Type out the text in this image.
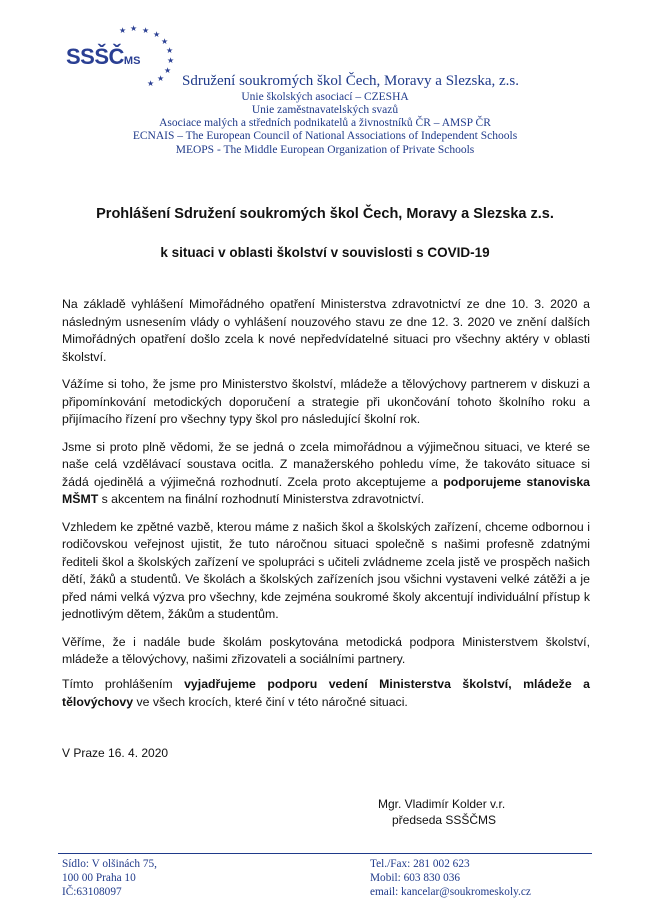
★ ★ ★
★
★
★
★
★
★
★
SSŠČMS
Sdružení soukromých škol Čech, Moravy a Slezska, z.s.
Unie školských asociací – CZESHA
Unie zaměstnavatelských svazů
Asociace malých a středních podnikatelů a živnostníků ČR – AMSP ČR
ECNAIS – The European Council of National Associations of Independent Schools
MEOPS - The Middle European Organization of Private Schools
Prohlášení Sdružení soukromých škol Čech, Moravy a Slezska z.s.
k situaci v oblasti školství v souvislosti s COVID-19

Na základě vyhlášení Mimořádného opatření Ministerstva zdravotnictví ze dne 10. 3. 2020 a následným usnesením vlády o vyhlášení nouzového stavu ze dne 12. 3. 2020 ve znění dalších Mimořádných opatření došlo zcela k nové nepředvídatelné situaci pro všechny aktéry v oblasti školství.

Vážíme si toho, že jsme pro Ministerstvo školství, mládeže a tělovýchovy partnerem v diskuzi a připomínkování metodických doporučení a strategie při ukončování tohoto školního roku a přijímacího řízení pro všechny typy škol pro následující školní rok.

Jsme si proto plně vědomi, že se jedná o zcela mimořádnou a výjimečnou situaci, ve které se naše celá vzdělávací soustava ocitla. Z manažerského pohledu víme, že takováto situace si žádá ojedinělá a výjimečná rozhodnutí. Zcela proto akceptujeme a podporujeme stanoviska MŠMT s akcentem na finální rozhodnutí Ministerstva zdravotnictví.

Vzhledem ke zpětné vazbě, kterou máme z našich škol a školských zařízení, chceme odbornou i rodičovskou veřejnost ujistit, že tuto náročnou situaci společně s našimi profesně zdatnými řediteli škol a školských zařízení ve spolupráci s učiteli zvládneme zcela jistě ve prospěch našich dětí, žáků a studentů. Ve školách a školských zařízeních jsou všichni vystaveni velké zátěži a je před námi velká výzva pro všechny, kde zejména soukromé školy akcentují individuální přístup k jednotlivým dětem, žákům a studentům.

Věříme, že i nadále bude školám poskytována metodická podpora Ministerstvem školství, mládeže a tělovýchovy, našimi zřizovateli a sociálními partnery.

Tímto prohlášením vyjadřujeme podporu vedení Ministerstva školství, mládeže a tělovýchovy ve všech krocích, které činí v této náročné situaci.
V Praze 16. 4. 2020
Mgr. Vladimír Kolder v.r.
předseda SSŠČMS
Sídlo: V olšinách 75,
100 00 Praha 10
IČ:63108097
Tel./Fax: 281 002 623
Mobil: 603 830 036
email: kancelar@soukromeskoly.cz
